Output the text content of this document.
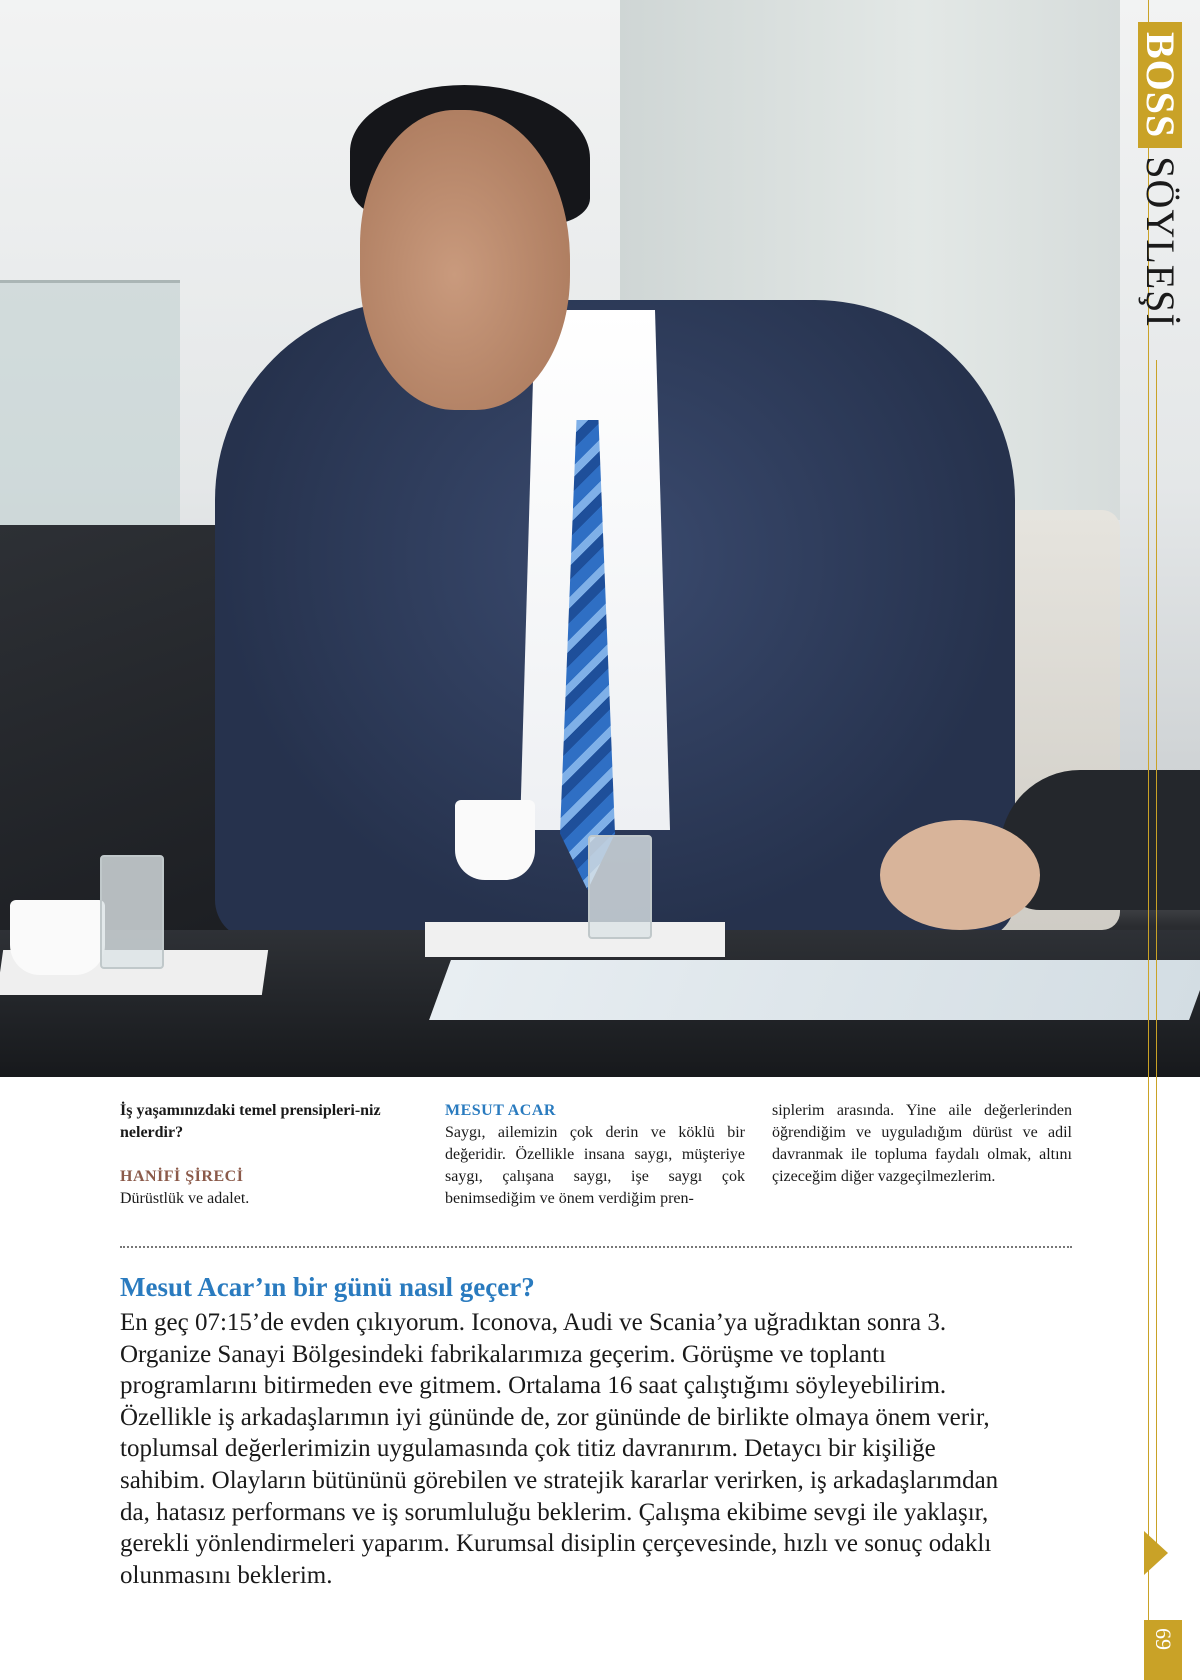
BOSSSÖYLEŞİ
69

İş yaşamınızdaki temel prensipleri-niz nelerdir?

HANİFİ ŞİRECİ

Dürüstlük ve adalet.

MESUT ACAR

Saygı, ailemizin çok derin ve köklü bir değeridir. Özellikle insana saygı, müşteriye saygı, çalışana saygı, işe saygı çok benimsediğim ve önem verdiğim pren-

siplerim arasında. Yine aile değerlerinden öğrendiğim ve uyguladığım dürüst ve adil davranmak ile topluma faydalı olmak, altını çizeceğim diğer vazgeçilmezlerim.

Mesut Acar’ın bir günü nasıl geçer?

En geç 07:15’de evden çıkıyorum. Iconova, Audi ve Scania’ya uğradıktan sonra 3. Organize Sanayi Bölgesindeki fabrikalarımıza geçerim. Görüşme ve toplantı programlarını bitirmeden eve gitmem. Ortalama 16 saat çalıştığımı söyleyebilirim. Özellikle iş arkadaşlarımın iyi gününde de, zor gününde de birlikte olmaya önem verir, toplumsal değerlerimizin uygulamasında çok titiz davranırım. Detaycı bir kişiliğe sahibim. Olayların bütününü görebilen ve stratejik kararlar verirken, iş arkadaşlarımdan da, hatasız performans ve iş sorumluluğu beklerim. Çalışma ekibime sevgi ile yaklaşır, gerekli yönlendirmeleri yaparım. Kurumsal disiplin çerçevesinde, hızlı ve sonuç odaklı olunmasını beklerim.
